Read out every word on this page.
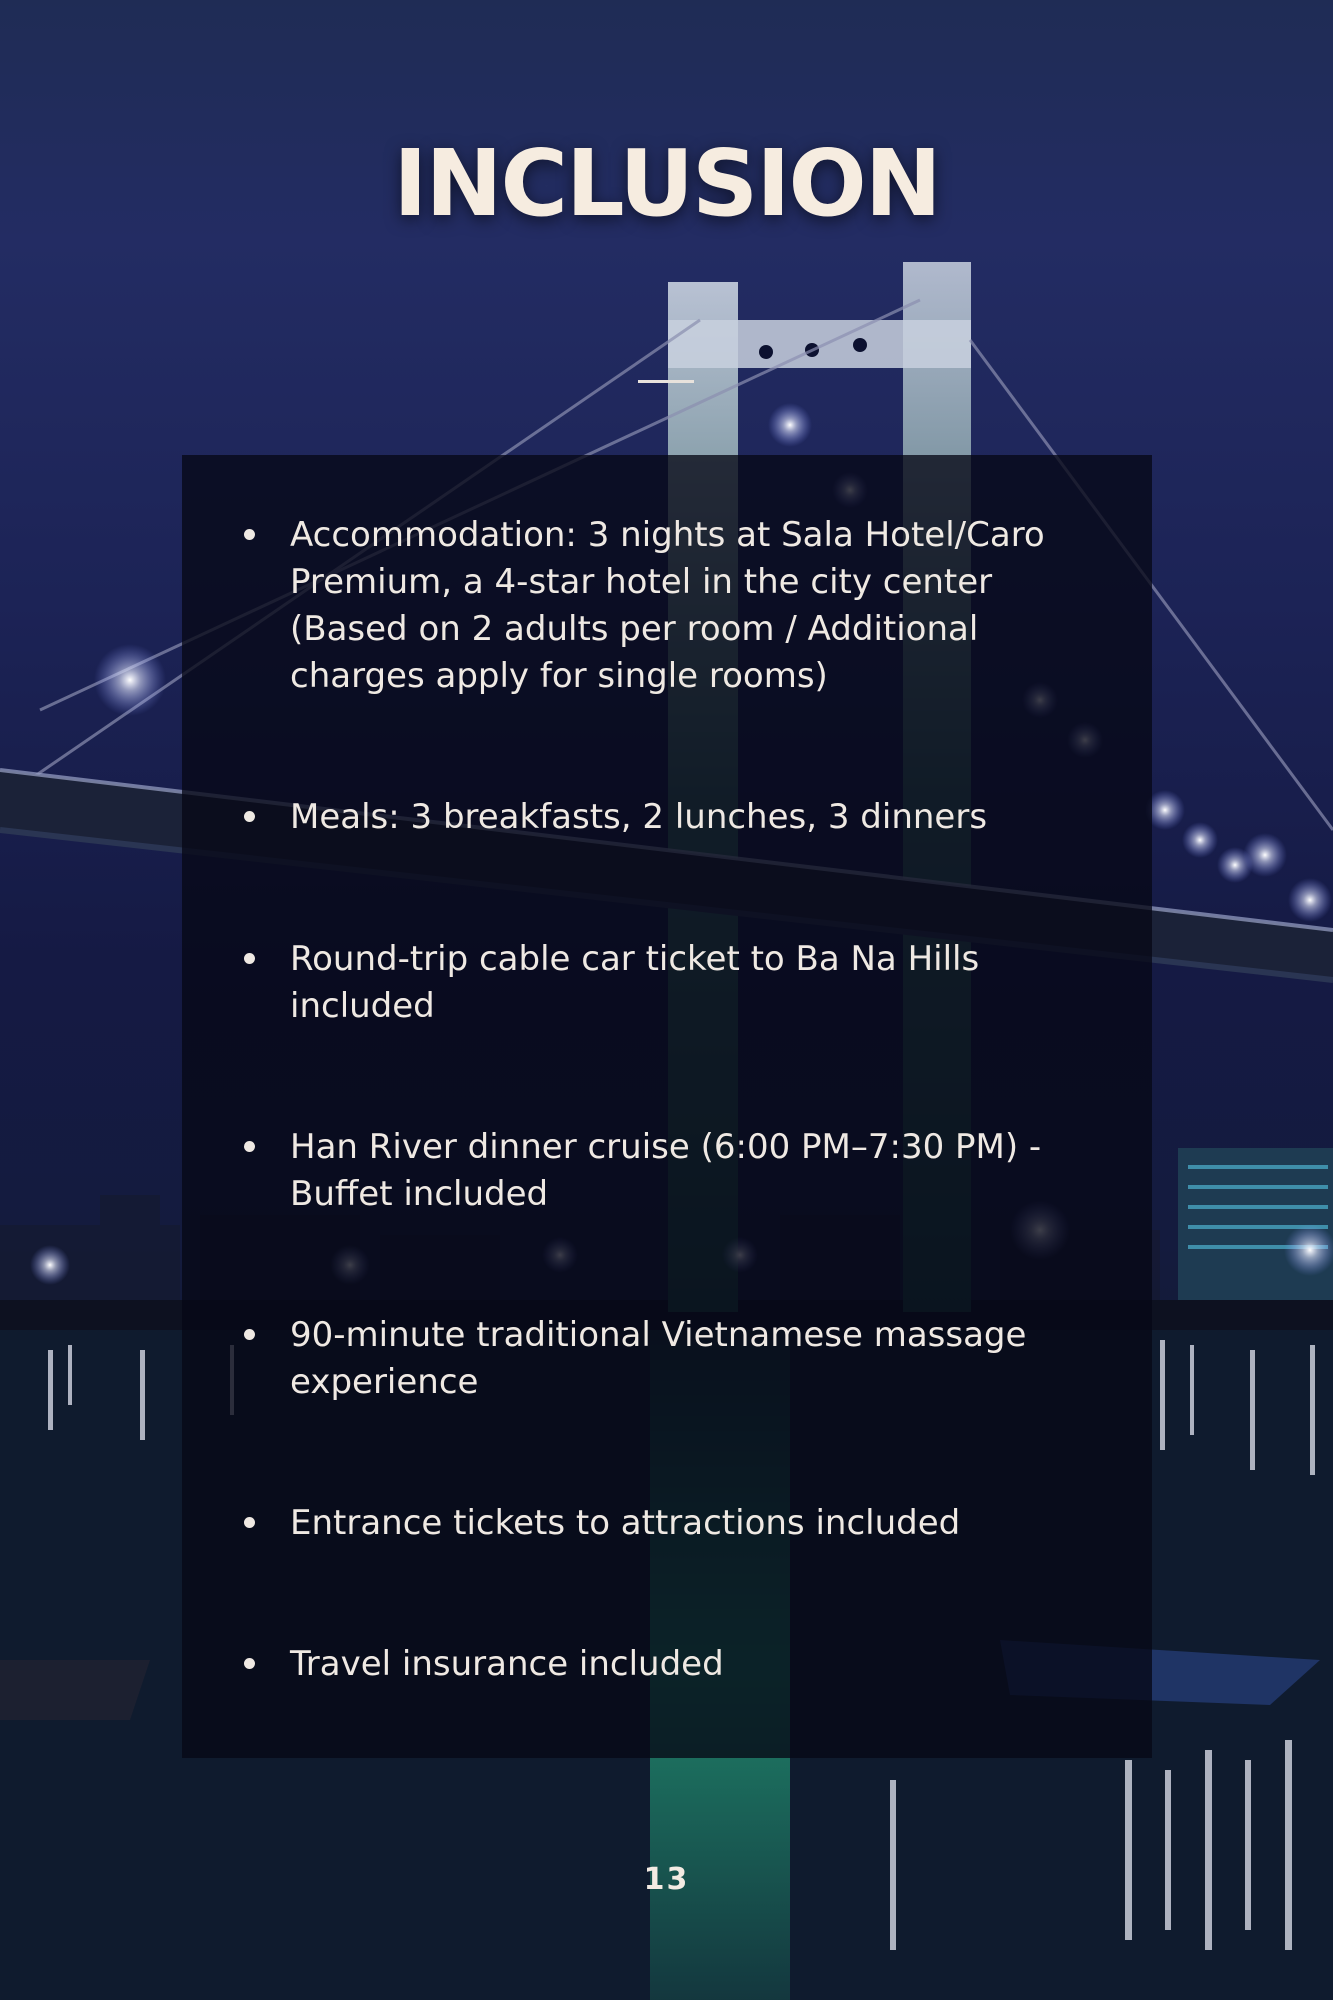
INCLUSION
Accommodation: 3 nights at Sala Hotel/Caro Premium, a 4-star hotel in the city center (Based on 2 adults per room / Additional charges apply for single rooms)
Meals: 3 breakfasts, 2 lunches, 3 dinners
Round-trip cable car ticket to Ba Na Hills included
Han River dinner cruise (6:00 PM–7:30 PM) - Buffet included
90-minute traditional Vietnamese massage experience
Entrance tickets to attractions included
Travel insurance included
13
